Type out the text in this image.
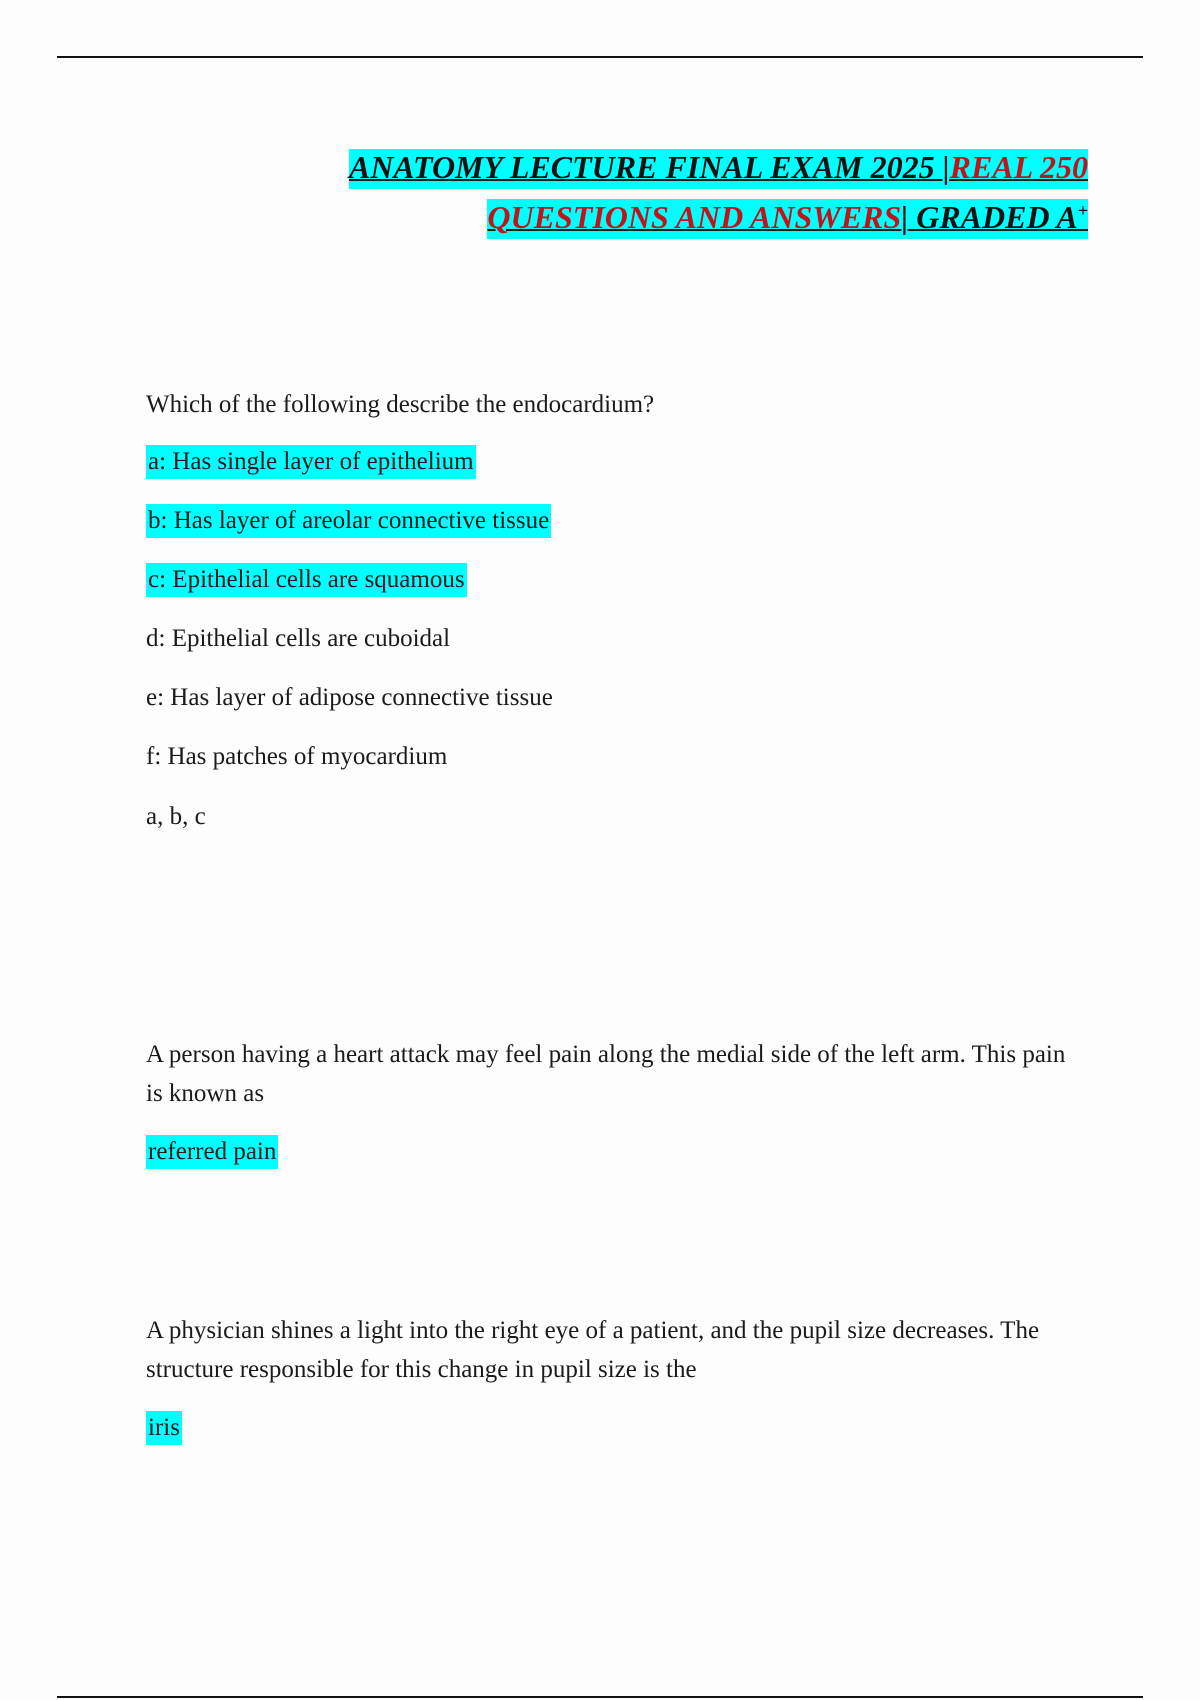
ANATOMY LECTURE FINAL EXAM 2025 |REAL 250
QUESTIONS AND ANSWERS| GRADED A+

Which of the following describe the endocardium?

a: Has single layer of epithelium
b: Has layer of areolar connective tissue
c: Epithelial cells are squamous
d: Epithelial cells are cuboidal
e: Has layer of adipose connective tissue
f: Has patches of myocardium
a, b, c

A person having a heart attack may feel pain along the medial side of the left arm. This pain is known as

referred pain

A physician shines a light into the right eye of a patient, and the pupil size decreases. The structure responsible for this change in pupil size is the

iris
